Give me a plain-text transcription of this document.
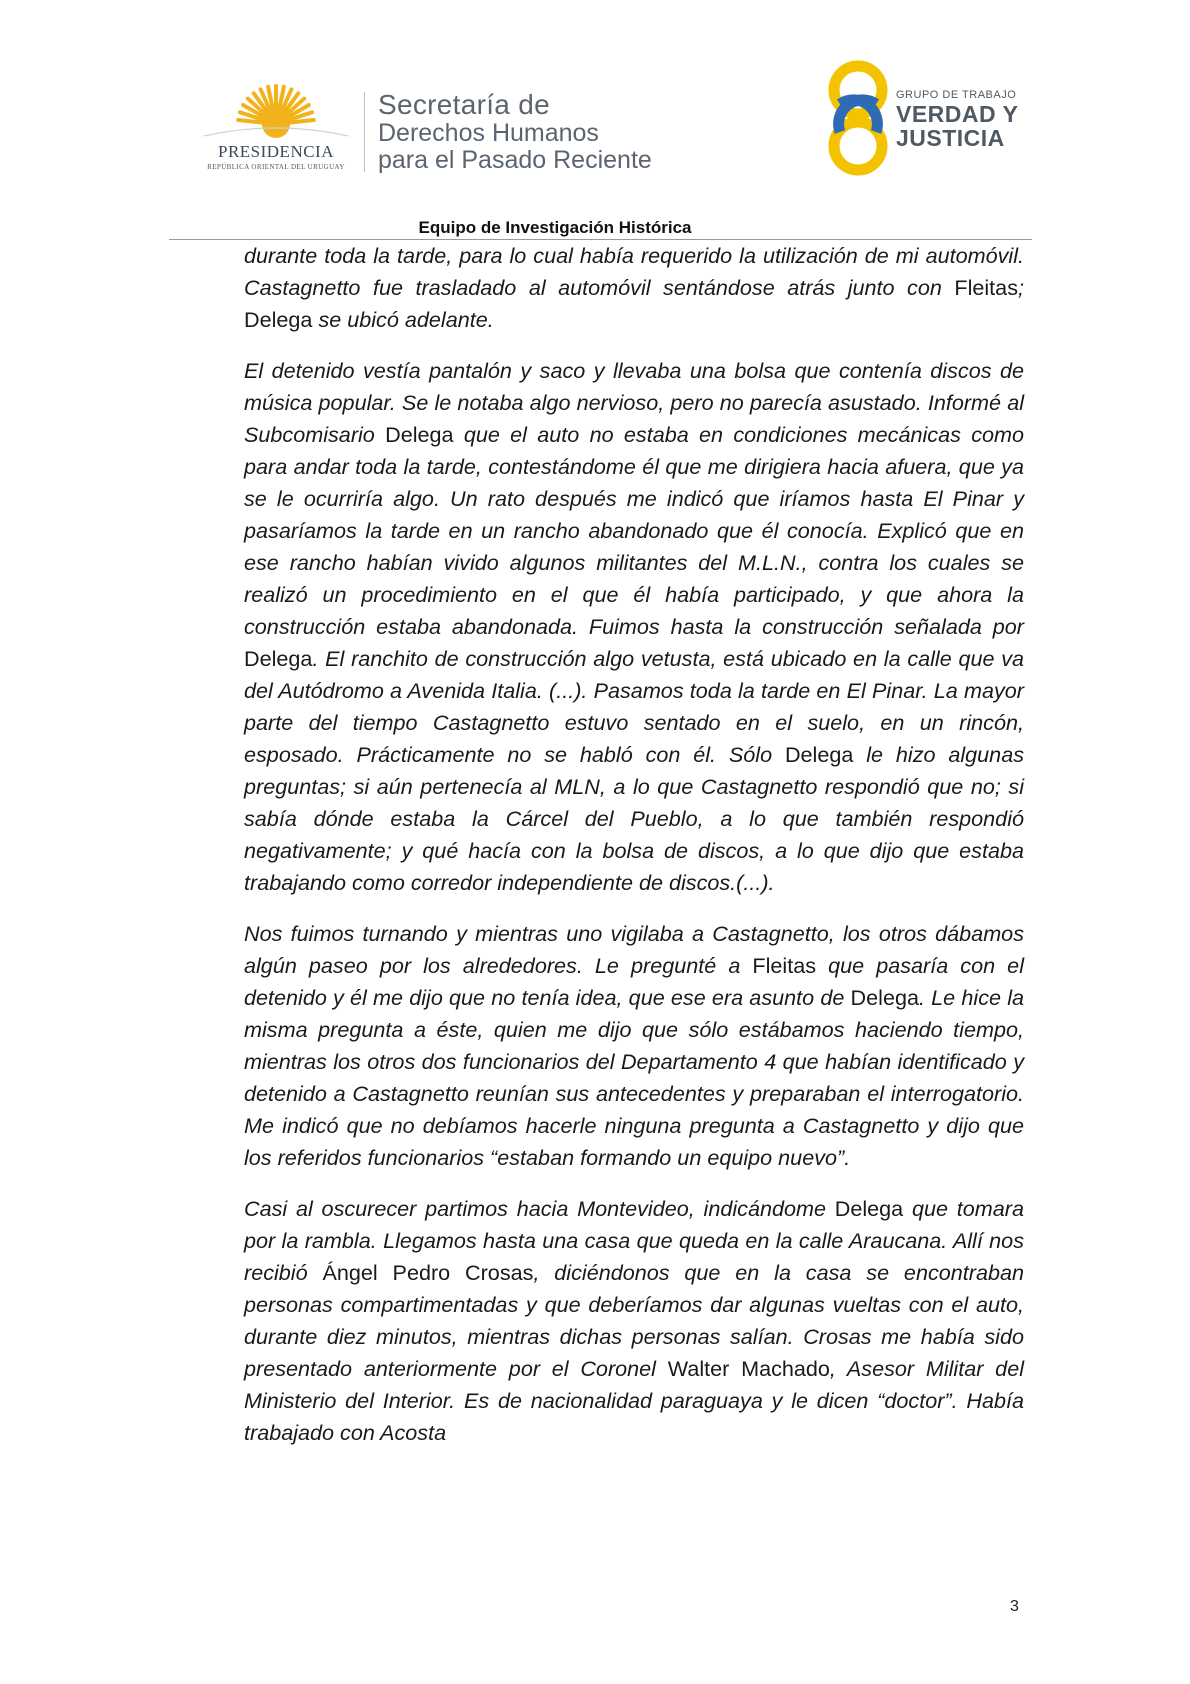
PRESIDENCIA
REPÚBLICA ORIENTAL DEL URUGUAY
Secretaría de
Derechos Humanos
para el Pasado Reciente
GRUPO DE TRABAJO
VERDAD Y
JUSTICIA
Equipo de Investigación Histórica

durante toda la tarde, para lo cual había requerido la utilización de mi automóvil. Castagnetto fue trasladado al automóvil sentándose atrás junto con Fleitas; Delega se ubicó adelante.

El detenido vestía pantalón y saco y llevaba una bolsa que contenía discos de música popular. Se le notaba algo nervioso, pero no parecía asustado. Informé al Subcomisario Delega que el auto no estaba en condiciones mecánicas como para andar toda la tarde, contestándome él que me dirigiera hacia afuera, que ya se le ocurriría algo. Un rato después me indicó que iríamos hasta El Pinar y pasaríamos la tarde en un rancho abandonado que él conocía. Explicó que en ese rancho habían vivido algunos militantes del M.L.N., contra los cuales se realizó un procedimiento en el que él había participado, y que ahora la construcción estaba abandonada. Fuimos hasta la construcción señalada por Delega. El ranchito de construcción algo vetusta, está ubicado en la calle que va del Autódromo a Avenida Italia. (...). Pasamos toda la tarde en El Pinar. La mayor parte del tiempo Castagnetto estuvo sentado en el suelo, en un rincón, esposado. Prácticamente no se habló con él. Sólo Delega le hizo algunas preguntas; si aún pertenecía al MLN, a lo que Castagnetto respondió que no; si sabía dónde estaba la Cárcel del Pueblo, a lo que también respondió negativamente; y qué hacía con la bolsa de discos, a lo que dijo que estaba trabajando como corredor independiente de discos.(...).

Nos fuimos turnando y mientras uno vigilaba a Castagnetto, los otros dábamos algún paseo por los alrededores. Le pregunté a Fleitas que pasaría con el detenido y él me dijo que no tenía idea, que ese era asunto de Delega. Le hice la misma pregunta a éste, quien me dijo que sólo estábamos haciendo tiempo, mientras los otros dos funcionarios del Departamento 4 que habían identificado y detenido a Castagnetto reunían sus antecedentes y preparaban el interrogatorio. Me indicó que no debíamos hacerle ninguna pregunta a Castagnetto y dijo que los referidos funcionarios “estaban formando un equipo nuevo”.

Casi al oscurecer partimos hacia Montevideo, indicándome Delega que tomara por la rambla. Llegamos hasta una casa que queda en la calle Araucana. Allí nos recibió Ángel Pedro Crosas, diciéndonos que en la casa se encontraban personas compartimentadas y que deberíamos dar algunas vueltas con el auto, durante diez minutos, mientras dichas personas salían. Crosas me había sido presentado anteriormente por el Coronel Walter Machado, Asesor Militar del Ministerio del Interior. Es de nacionalidad paraguaya y le dicen “doctor”. Había trabajado con Acosta

3
